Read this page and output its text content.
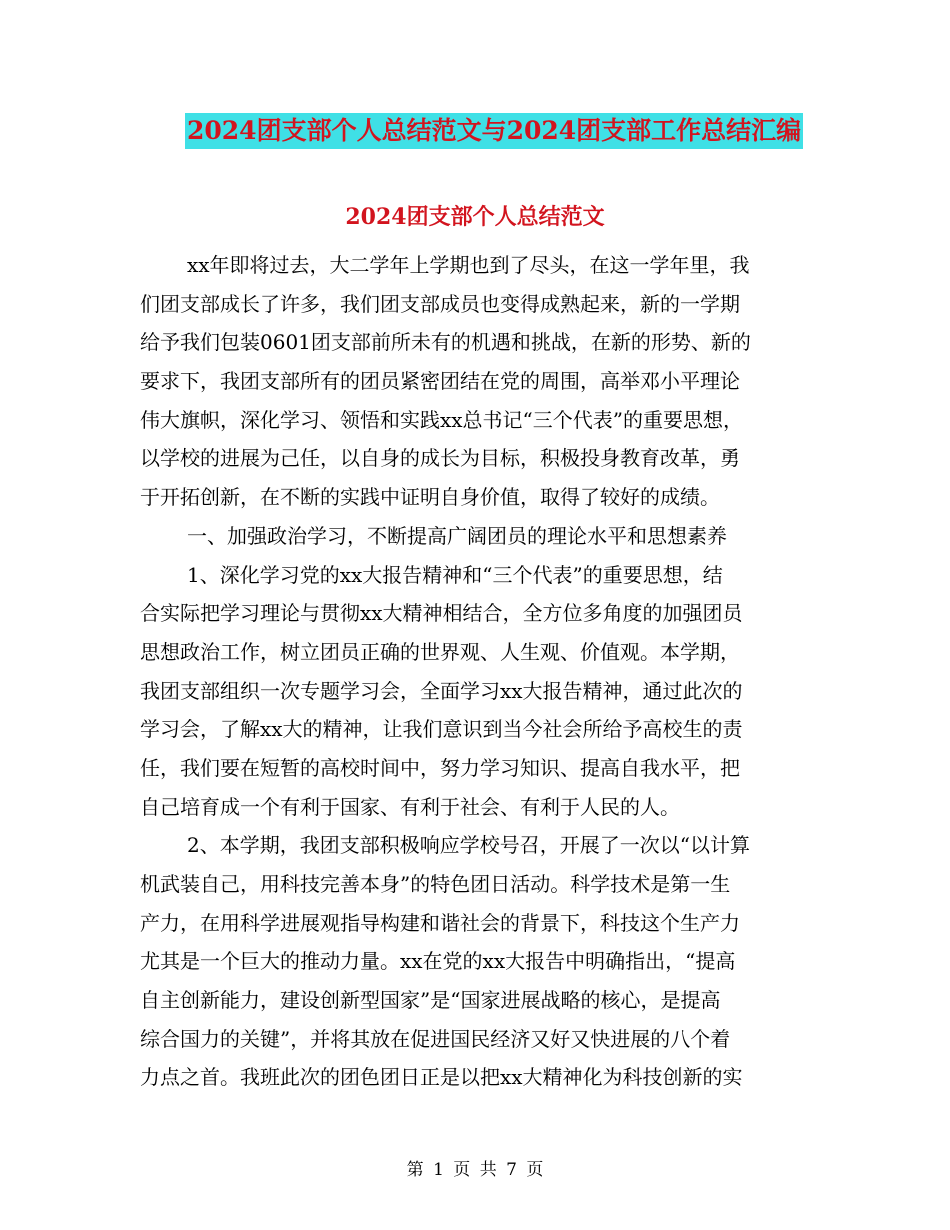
2024团支部个人总结范文与2024团支部工作总结汇编
2024团支部个人总结范文
xx年即将过去，大二学年上学期也到了尽头，在这一学年里，我
们团支部成长了许多，我们团支部成员也变得成熟起来，新的一学期
给予我们包装0601团支部前所未有的机遇和挑战，在新的形势、新的
要求下，我团支部所有的团员紧密团结在党的周围，高举邓小平理论
伟大旗帜，深化学习、领悟和实践xx总书记“三个代表”的重要思想，
以学校的进展为己任，以自身的成长为目标，积极投身教育改革，勇
于开拓创新，在不断的实践中证明自身价值，取得了较好的成绩。
一、加强政治学习，不断提高广阔团员的理论水平和思想素养
1、深化学习党的xx大报告精神和“三个代表”的重要思想，结
合实际把学习理论与贯彻xx大精神相结合，全方位多角度的加强团员
思想政治工作，树立团员正确的世界观、人生观、价值观。本学期，
我团支部组织一次专题学习会，全面学习xx大报告精神，通过此次的
学习会，了解xx大的精神，让我们意识到当今社会所给予高校生的责
任，我们要在短暂的高校时间中，努力学习知识、提高自我水平，把
自己培育成一个有利于国家、有利于社会、有利于人民的人。
2、本学期，我团支部积极响应学校号召，开展了一次以“以计算
机武装自己，用科技完善本身”的特色团日活动。科学技术是第一生
产力，在用科学进展观指导构建和谐社会的背景下，科技这个生产力
尤其是一个巨大的推动力量。xx在党的xx大报告中明确指出，“提高
自主创新能力，建设创新型国家”是“国家进展战略的核心，是提高
综合国力的关键”，并将其放在促进国民经济又好又快进展的八个着
力点之首。我班此次的团色团日正是以把xx大精神化为科技创新的实
第 1 页 共 7 页
